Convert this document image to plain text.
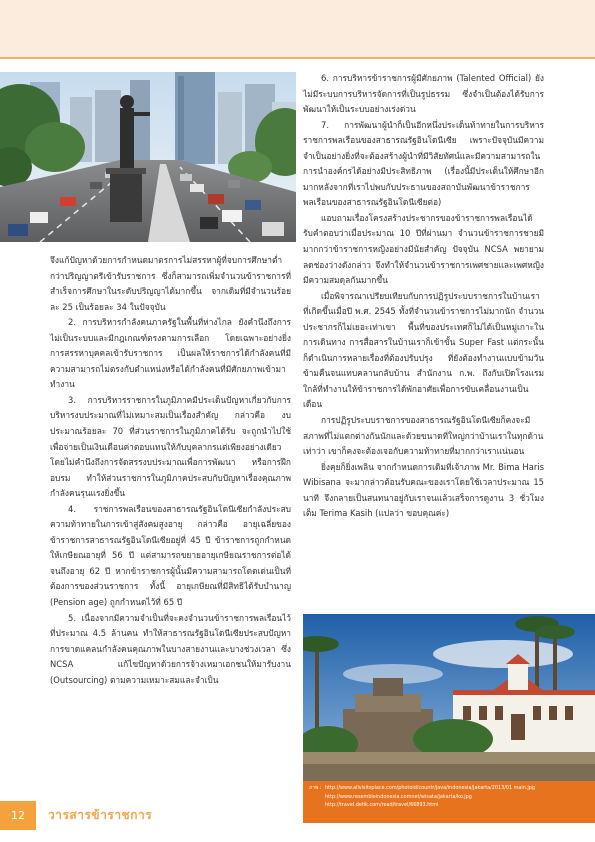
จึงแก้ปัญหาด้วยการกำหนดมาตรการไม่สรรหาผู้ที่จบการศึกษาต่ำกว่าปริญญาตรีเข้ารับราชการ ซึ่งก็สามารถเพิ่มจำนวนข้าราชการที่สำเร็จการศึกษาในระดับปริญญาได้มากขึ้น จากเดิมที่มีจำนวนร้อยละ 25 เป็นร้อยละ 34 ในปัจจุบัน

2. การบริหารกำลังคนภาครัฐในพื้นที่ห่างไกล ยังคำนึงถึงการไม่เป็นระบบและมีกฎเกณฑ์ตรงตามการเลือก โดยเฉพาะอย่างยิ่งการสรรหาบุคคลเข้ารับราชการ เป็นผลให้ราชการได้กำลังคนที่มีความสามารถไม่ตรงกับตำแหน่งหรือได้กำลังคนที่มีศักยภาพเข้ามาทำงาน

3. การบริหารราชการในภูมิภาคมีประเด็นปัญหาเกี่ยวกับการบริหารงบประมาณที่ไม่เหมาะสมเป็นเรื่องสำคัญ กล่าวคือ งบประมาณร้อยละ 70 ที่ส่วนราชการในภูมิภาคได้รับ จะถูกนำไปใช้เพื่อจ่ายเป็นเงินเดือนค่าตอบแทนให้กับบุคลากรแต่เพียงอย่างเดียว โดยไม่คำนึงถึงการจัดสรรงบประมาณเพื่อการพัฒนา หรือการฝึกอบรม ทำให้ส่วนราชการในภูมิภาคประสบกับปัญหาเรื่องคุณภาพกำลังคนรุนแรงยิ่งขึ้น

4. ราชการพลเรือนของสาธารณรัฐอินโดนีเซียกำลังประสบความท้าทายในการเข้าสู่สังคมสูงอายุ กล่าวคือ อายุเฉลี่ยของข้าราชการสาธารณรัฐอินโดนีเซียอยู่ที่ 45 ปี ข้าราชการถูกกำหนดให้เกษียณอายุที่ 56 ปี แต่สามารถขยายอายุเกษียณราชการต่อได้จนถึงอายุ 62 ปี หากข้าราชการผู้นั้นมีความสามารถโดดเด่นเป็นที่ต้องการของส่วนราชการ ทั้งนี้ อายุเกษียณที่มีสิทธิได้รับบำนาญ (Pension age) ถูกกำหนดไว้ที่ 65 ปี

5. เนื่องจากมีความจำเป็นที่จะคงจำนวนข้าราชการพลเรือนไว้ที่ประมาณ 4.5 ล้านคน ทำให้สาธารณรัฐอินโดนีเซียประสบปัญหาการขาดแคลนกำลังคนคุณภาพในบางสายงานและบางช่วงเวลา ซึ่ง NCSA แก้ไขปัญหาด้วยการจ้างเหมาเอกชนให้มารับงาน (Outsourcing) ตามความเหมาะสมและจำเป็น

6. การบริหารข้าราชการผู้มีศักยภาพ (Talented Official) ยังไม่มีระบบการบริหารจัดการที่เป็นรูปธรรม ซึ่งจำเป็นต้องได้รับการพัฒนาให้เป็นระบบอย่างเร่งด่วน

7. การพัฒนาผู้นำก็เป็นอีกหนึ่งประเด็นท้าทายในการบริหารราชการพลเรือนของสาธารณรัฐอินโดนีเซีย เพราะปัจจุบันมีความจำเป็นอย่างยิ่งที่จะต้องสร้างผู้นำที่มีวิสัยทัศน์และมีความสามารถในการนำองค์กรได้อย่างมีประสิทธิภาพ (เรื่องนี้มีประเด็นให้ศึกษาอีกมากหลังจากที่เราไปพบกับประธานของสถาบันพัฒนาข้าราชการพลเรือนของสาธารณรัฐอินโดนีเซียต่อ)

แอบถามเรื่องโครงสร้างประชากรของข้าราชการพลเรือนได้รับคำตอบว่าเมื่อประมาณ 10 ปีที่ผ่านมา จำนวนข้าราชการชายมีมากกว่าข้าราชการหญิงอย่างมีนัยสำคัญ ปัจจุบัน NCSA พยายามลดช่องว่างดังกล่าว จึงทำให้จำนวนข้าราชการเพศชายและเพศหญิงมีความสมดุลกันมากขึ้น

เมื่อพิจารณาเปรียบเทียบกับการปฏิรูประบบราชการในบ้านเราที่เกิดขึ้นเมื่อปี พ.ศ. 2545 ทั้งที่จำนวนข้าราชการไม่มากนัก จำนวนประชากรก็ไม่เยอะเท่าเขา พื้นที่ของประเทศก็ไม่ได้เป็นหมู่เกาะในการเดินทาง การสื่อสารในบ้านเราก็เข้าขั้น Super Fast แต่กระนั้นก็ดำเนินการหลายเรื่องที่ต้องปรับปรุง ที่ยังต้องทำงานแบบข้ามวันข้ามคืนจนแทบคลานกลับบ้าน สำนักงาน ก.พ. ถึงกับเปิดโรงแรมใกล้ที่ทำงานให้ข้าราชการได้พักอาศัยเพื่อการขับเคลื่อนงานเป็นเดือน

การปฏิรูประบบราชการของสาธารณรัฐอินโดนีเซียก็คงจะมีสภาพที่ไม่แตกต่างกันนักและด้วยขนาดที่ใหญ่กว่าบ้านเราในทุกด้านเท่าว่า เขาก็คงจะต้องเจอกับความท้าทายที่มากกว่าเราแน่นอน

ยิ่งคุยก็ยิ่งเพลิน จากกำหนดการเดิมที่เจ้าภาพ Mr. Bima Haris Wibisana จะมากล่าวต้อนรับคณะของเราโดยใช้เวลาประมาณ 15 นาที จึงกลายเป็นสนทนาอยู่กับเราจนแล้วเสร็จการดูงาน 3 ชั่วโมงเต็ม Terima Kasih (แปลว่า ขอบคุณค่ะ)

ภาพ : http://www.allvisitsplace.com/photoid/countr/java/indonesia/Jakarta/2013/01 main.jpg
http://www.resembleindonesia.comnet/wisata/jakarta/ko.jpg
http://travel.detik.com/read/travel/66893.html
12	วารสารข้าราชการ
